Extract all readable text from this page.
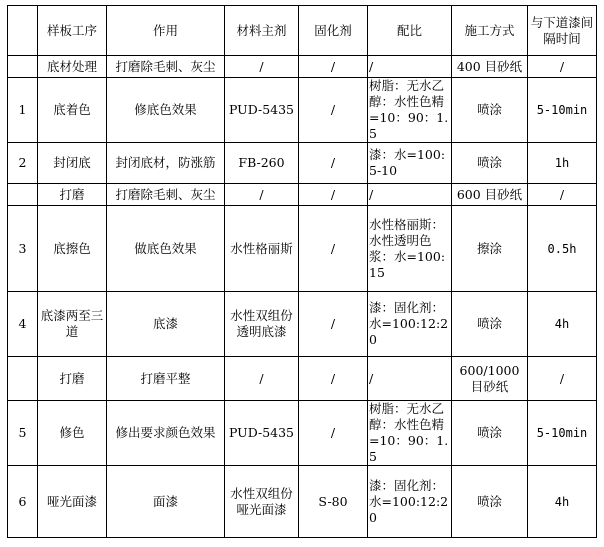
	样板工序	作用	材料主剂	固化剂	配比	施工方式	与下道漆间隔时间
	底材处理	打磨除毛刺、灰尘	/	/	/	400 目砂纸	/
1	底着色	修底色效果	PUD-5435	/	树脂：无水乙醇：水性色精=10：90：1.5	喷涂	5-10min
2	封闭底	封闭底材，防涨筋	FB-260	/	漆：水=100:5-10	喷涂	1h
	打磨	打磨除毛刺、灰尘	/	/	/	600 目砂纸	/
3	底擦色	做底色效果	水性格丽斯	/	水性格丽斯：水性透明色浆：水=100:15	擦涂	0.5h
4	底漆两至三道	底漆	水性双组份透明底漆	/	漆：固化剂：水=100:12:20	喷涂	4h
	打磨	打磨平整	/	/	/	600/1000 目砂纸	/
5	修色	修出要求颜色效果	PUD-5435	/	树脂：无水乙醇：水性色精=10：90：1.5	喷涂	5-10min
6	哑光面漆	面漆	水性双组份哑光面漆	S-80	漆：固化剂：水=100:12:20	喷涂	4h
